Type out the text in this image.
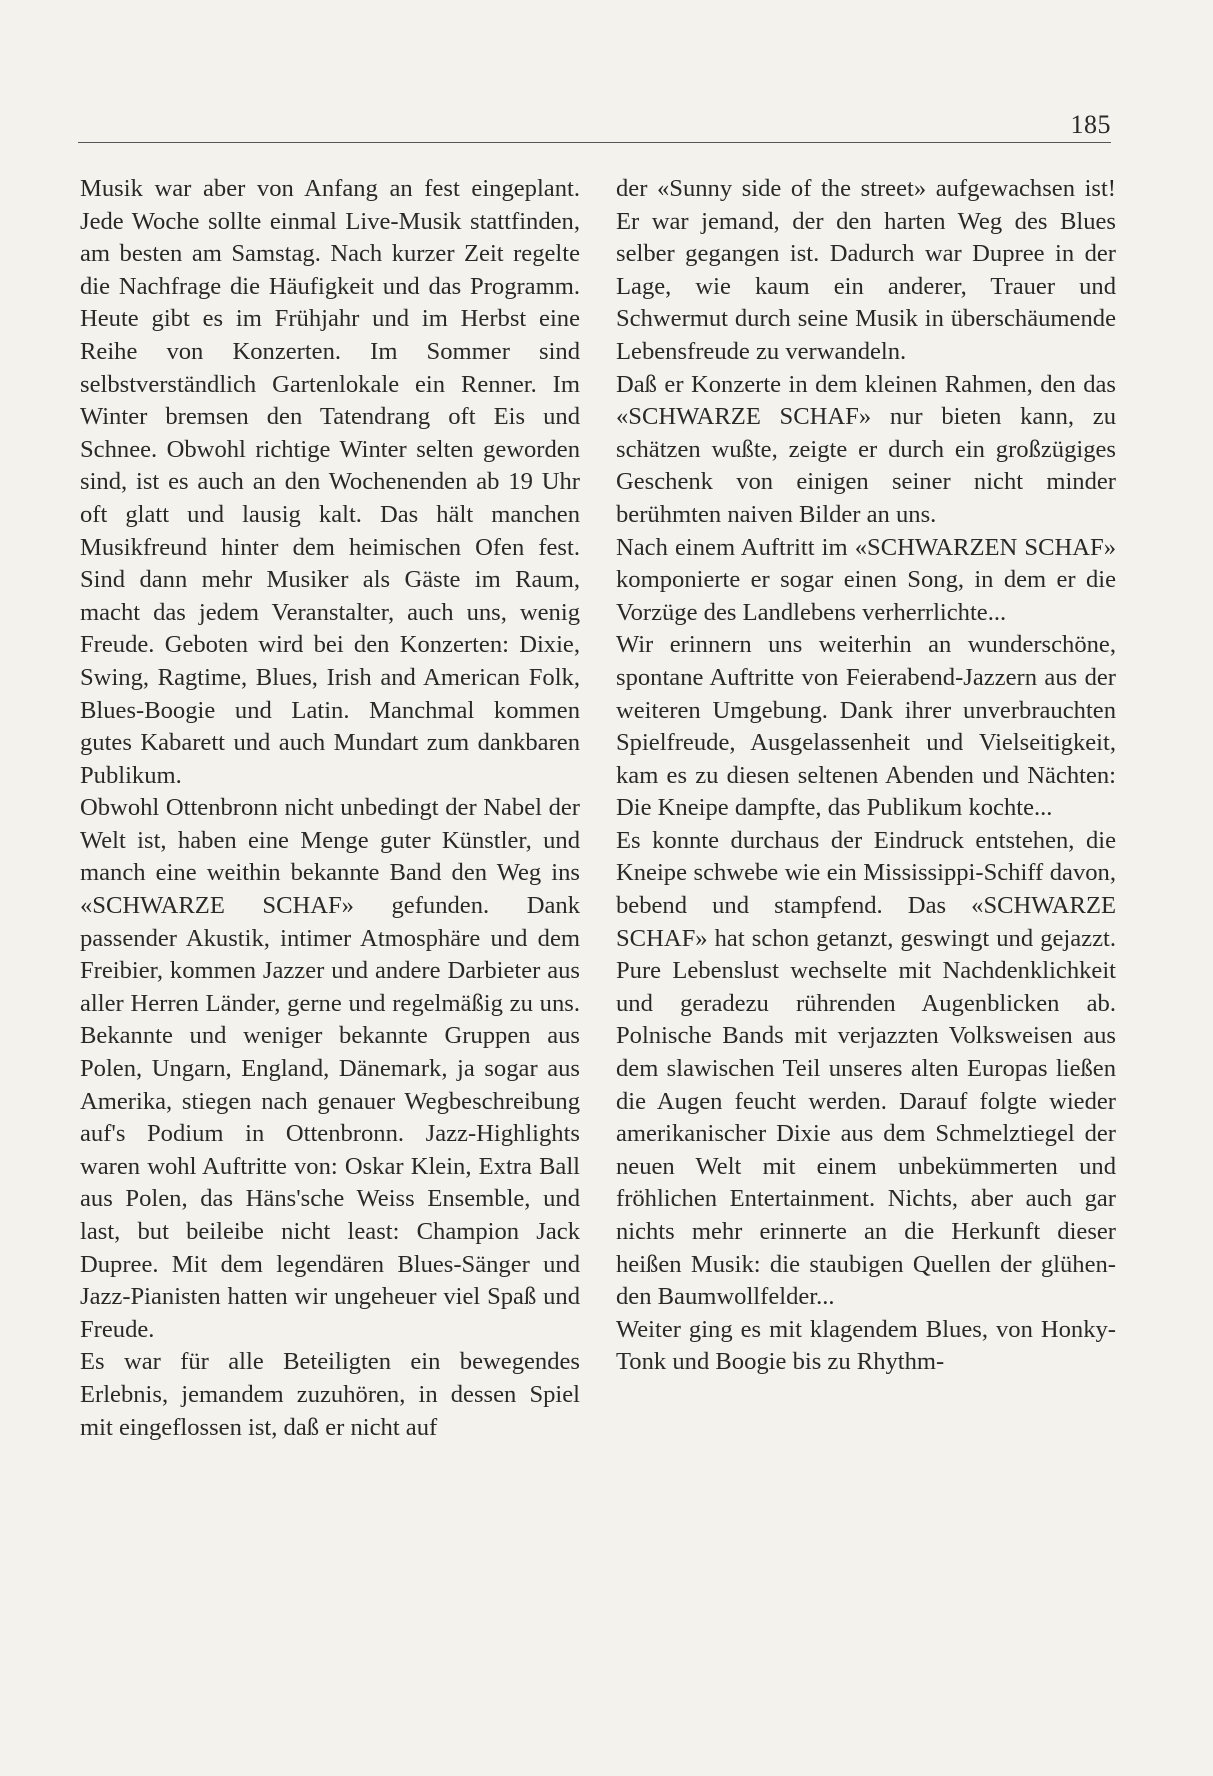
185

Musik war aber von Anfang an fest eingeplant. Jede Woche sollte einmal Live-Musik stattfinden, am besten am Samstag. Nach kurzer Zeit regelte die Nachfrage die Häufigkeit und das Programm. Heute gibt es im Frühjahr und im Herbst eine Reihe von Konzerten. Im Sommer sind selbstverständlich Gartenlokale ein Renner. Im Winter bremsen den Tatendrang oft Eis und Schnee. Obwohl richtige Winter selten geworden sind, ist es auch an den Wochenenden ab 19 Uhr oft glatt und lausig kalt. Das hält manchen Musikfreund hinter dem heimischen Ofen fest. Sind dann mehr Musiker als Gäste im Raum, macht das jedem Veranstalter, auch uns, wenig Freude. Geboten wird bei den Konzerten: Dixie, Swing, Ragtime, Blues, Irish and American Folk, Blues-Boogie und Latin. Manchmal kommen gutes Kabarett und auch Mundart zum dankbaren Publikum.

Obwohl Ottenbronn nicht unbedingt der Nabel der Welt ist, haben eine Menge guter Künstler, und manch eine weithin bekannte Band den Weg ins «SCHWARZE SCHAF» gefunden. Dank passender Akustik, intimer Atmosphäre und dem Freibier, kommen Jazzer und andere Darbieter aus aller Herren Länder, gerne und regelmäßig zu uns. Bekannte und weniger bekannte Gruppen aus Polen, Ungarn, England, Dänemark, ja sogar aus Amerika, stiegen nach genauer Wegbeschreibung auf's Podium in Ottenbronn. Jazz-Highlights waren wohl Auftritte von: Oskar Klein, Extra Ball aus Polen, das Häns'sche Weiss Ensemble, und last, but beileibe nicht least: Champion Jack Dupree. Mit dem legendären Blues-Sänger und Jazz-Pianisten hatten wir ungeheuer viel Spaß und Freude.

Es war für alle Beteiligten ein bewegendes Erlebnis, jemandem zuzuhören, in dessen Spiel mit eingeflossen ist, daß er nicht auf

der «Sunny side of the street» aufgewachsen ist! Er war jemand, der den harten Weg des Blues selber gegangen ist. Dadurch war Dupree in der Lage, wie kaum ein anderer, Trauer und Schwermut durch seine Musik in überschäumende Lebensfreude zu verwandeln.

Daß er Konzerte in dem kleinen Rahmen, den das «SCHWARZE SCHAF» nur bieten kann, zu schätzen wußte, zeigte er durch ein großzügiges Geschenk von einigen seiner nicht minder berühmten naiven Bilder an uns.

Nach einem Auftritt im «SCHWARZEN SCHAF» komponierte er sogar einen Song, in dem er die Vorzüge des Landlebens verherrlichte...

Wir erinnern uns weiterhin an wunderschöne, spontane Auftritte von Feierabend-Jazzern aus der weiteren Umgebung. Dank ihrer unverbrauchten Spielfreude, Ausgelassenheit und Vielseitigkeit, kam es zu diesen seltenen Abenden und Nächten: Die Kneipe dampfte, das Publikum kochte...

Es konnte durchaus der Eindruck entstehen, die Kneipe schwebe wie ein Mississippi-Schiff davon, bebend und stampfend. Das «SCHWARZE SCHAF» hat schon getanzt, geswingt und gejazzt. Pure Lebenslust wechselte mit Nachdenklichkeit und geradezu rührenden Augenblicken ab. Polnische Bands mit verjazzten Volksweisen aus dem slawischen Teil unseres alten Europas ließen die Augen feucht werden. Darauf folgte wieder amerikanischer Dixie aus dem Schmelztiegel der neuen Welt mit einem unbekümmerten und fröhlichen Entertainment. Nichts, aber auch gar nichts mehr erinnerte an die Herkunft dieser heißen Musik: die staubigen Quellen der glühenden Baumwollfelder...

Weiter ging es mit klagendem Blues, von Honky-Tonk und Boogie bis zu Rhythm-
